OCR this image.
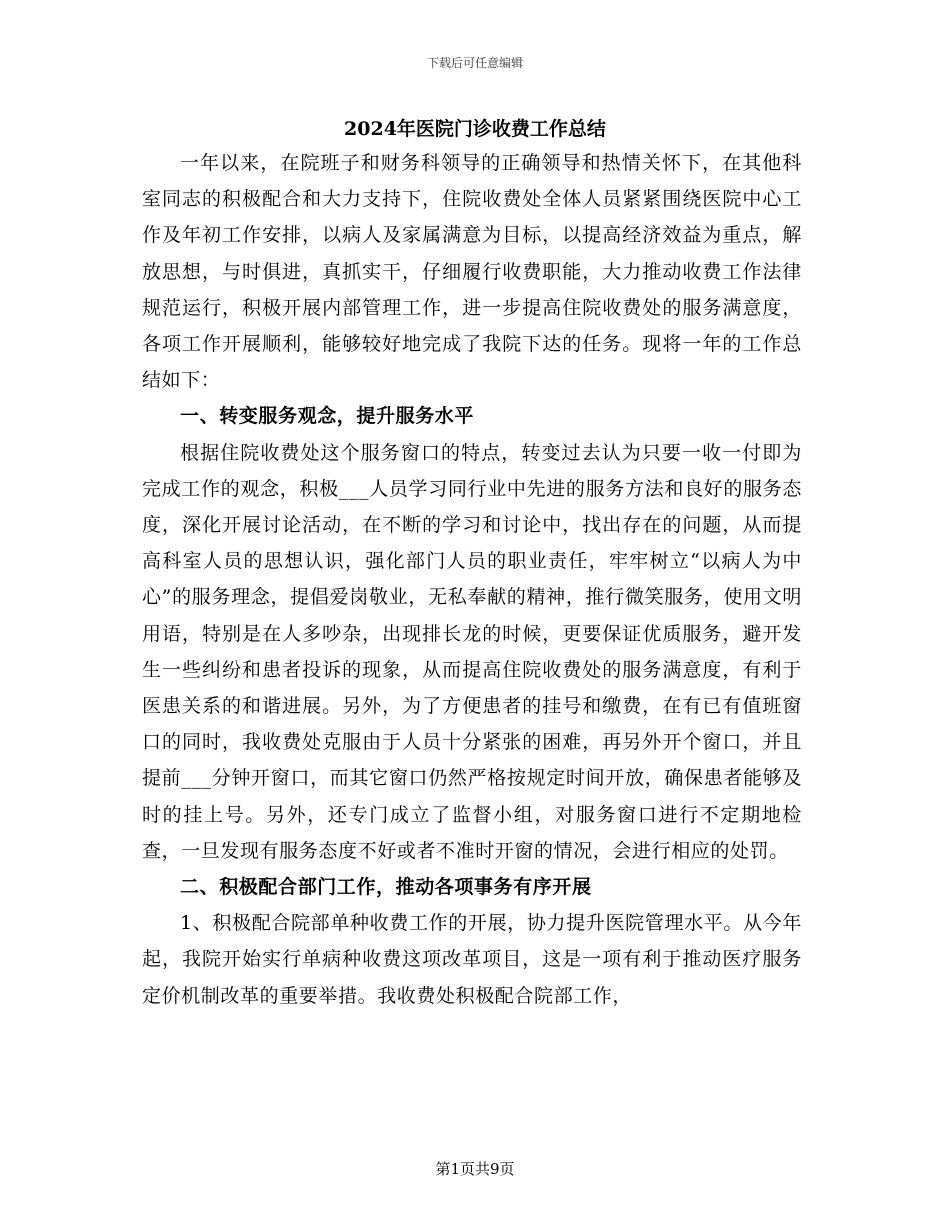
下载后可任意编辑
2024年医院门诊收费工作总结

一年以来，在院班子和财务科领导的正确领导和热情关怀下，在其他科室同志的积极配合和大力支持下，住院收费处全体人员紧紧围绕医院中心工作及年初工作安排，以病人及家属满意为目标，以提高经济效益为重点，解放思想，与时俱进，真抓实干，仔细履行收费职能，大力推动收费工作法律规范运行，积极开展内部管理工作，进一步提高住院收费处的服务满意度，各项工作开展顺利，能够较好地完成了我院下达的任务。现将一年的工作总结如下：

一、转变服务观念，提升服务水平

根据住院收费处这个服务窗口的特点，转变过去认为只要一收一付即为完成工作的观念，积极___人员学习同行业中先进的服务方法和良好的服务态度，深化开展讨论活动，在不断的学习和讨论中，找出存在的问题，从而提高科室人员的思想认识，强化部门人员的职业责任，牢牢树立“以病人为中心”的服务理念，提倡爱岗敬业，无私奉献的精神，推行微笑服务，使用文明用语，特别是在人多吵杂，出现排长龙的时候，更要保证优质服务，避开发生一些纠纷和患者投诉的现象，从而提高住院收费处的服务满意度，有利于医患关系的和谐进展。另外，为了方便患者的挂号和缴费，在有已有值班窗口的同时，我收费处克服由于人员十分紧张的困难，再另外开个窗口，并且提前___分钟开窗口，而其它窗口仍然严格按规定时间开放，确保患者能够及时的挂上号。另外，还专门成立了监督小组，对服务窗口进行不定期地检查，一旦发现有服务态度不好或者不准时开窗的情况，会进行相应的处罚。

二、积极配合部门工作，推动各项事务有序开展

1、积极配合院部单种收费工作的开展，协力提升医院管理水平。从今年起，我院开始实行单病种收费这项改革项目，这是一项有利于推动医疗服务定价机制改革的重要举措。我收费处积极配合院部工作，

第1页共9页
